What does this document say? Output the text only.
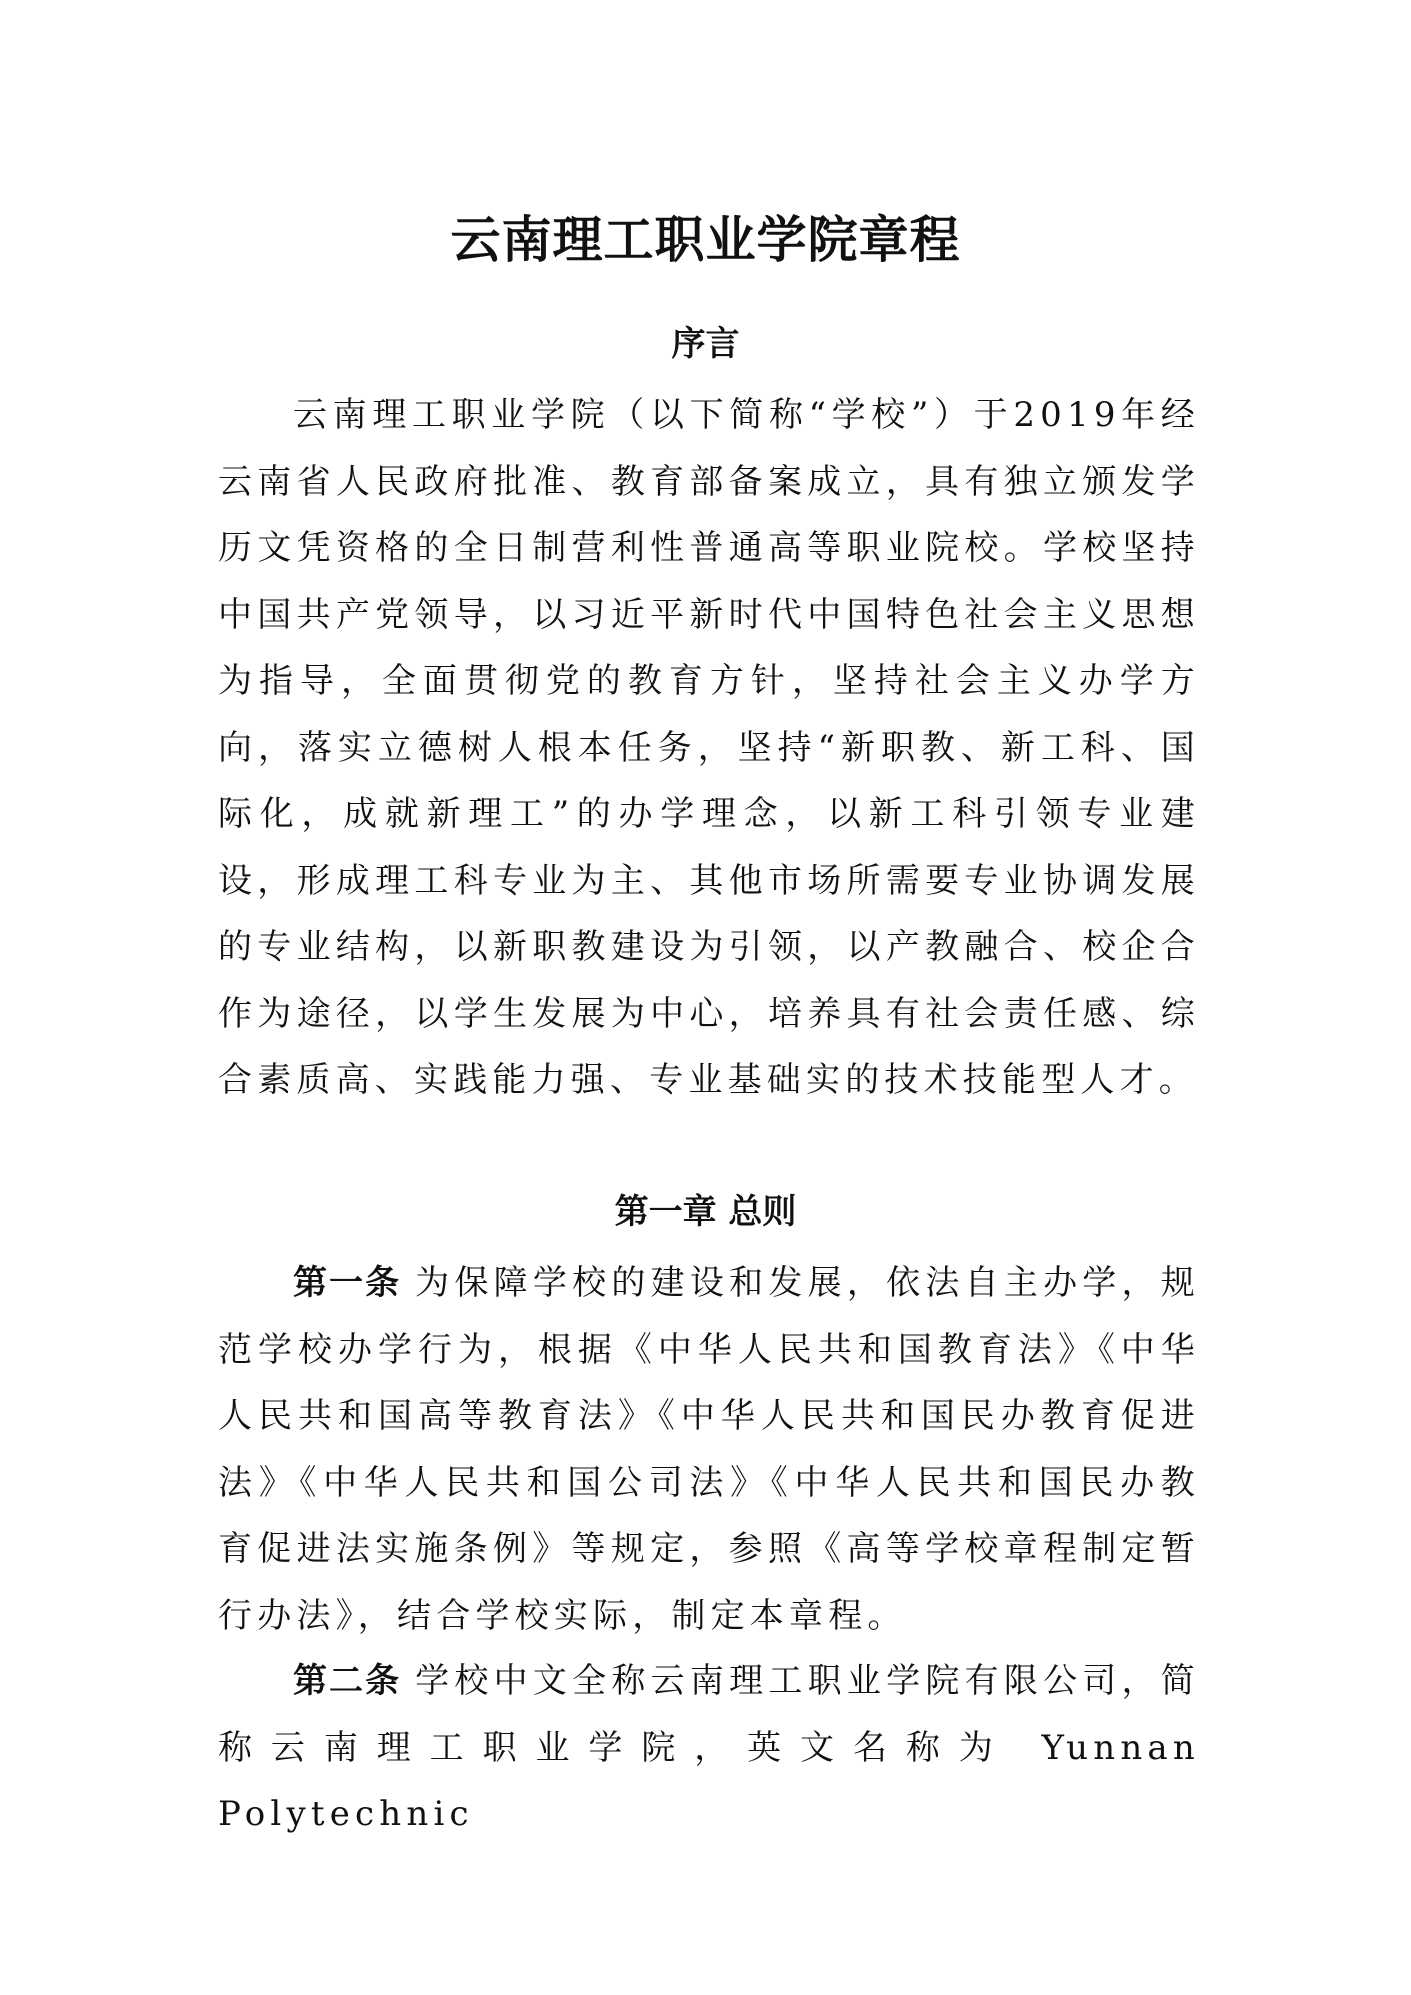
云南理工职业学院章程
序言

云南理工职业学院（以下简称“学校”）于2019年经云南省人民政府批准、教育部备案成立，具有独立颁发学历文凭资格的全日制营利性普通高等职业院校。学校坚持中国共产党领导，以习近平新时代中国特色社会主义思想为指导，全面贯彻党的教育方针，坚持社会主义办学方向，落实立德树人根本任务，坚持“新职教、新工科、国际化，成就新理工”的办学理念，以新工科引领专业建设，形成理工科专业为主、其他市场所需要专业协调发展的专业结构，以新职教建设为引领，以产教融合、校企合作为途径，以学生发展为中心，培养具有社会责任感、综合素质高、实践能力强、专业基础实的技术技能型人才。

第一章 总则

第一条 为保障学校的建设和发展，依法自主办学，规范学校办学行为，根据《中华人民共和国教育法》《中华人民共和国高等教育法》《中华人民共和国民办教育促进法》《中华人民共和国公司法》《中华人民共和国民办教育促进法实施条例》等规定，参照《高等学校章程制定暂行办法》，结合学校实际，制定本章程。

第二条 学校中文全称云南理工职业学院有限公司，简称云南理工职业学院，英文名称为 Yunnan Polytechnic
